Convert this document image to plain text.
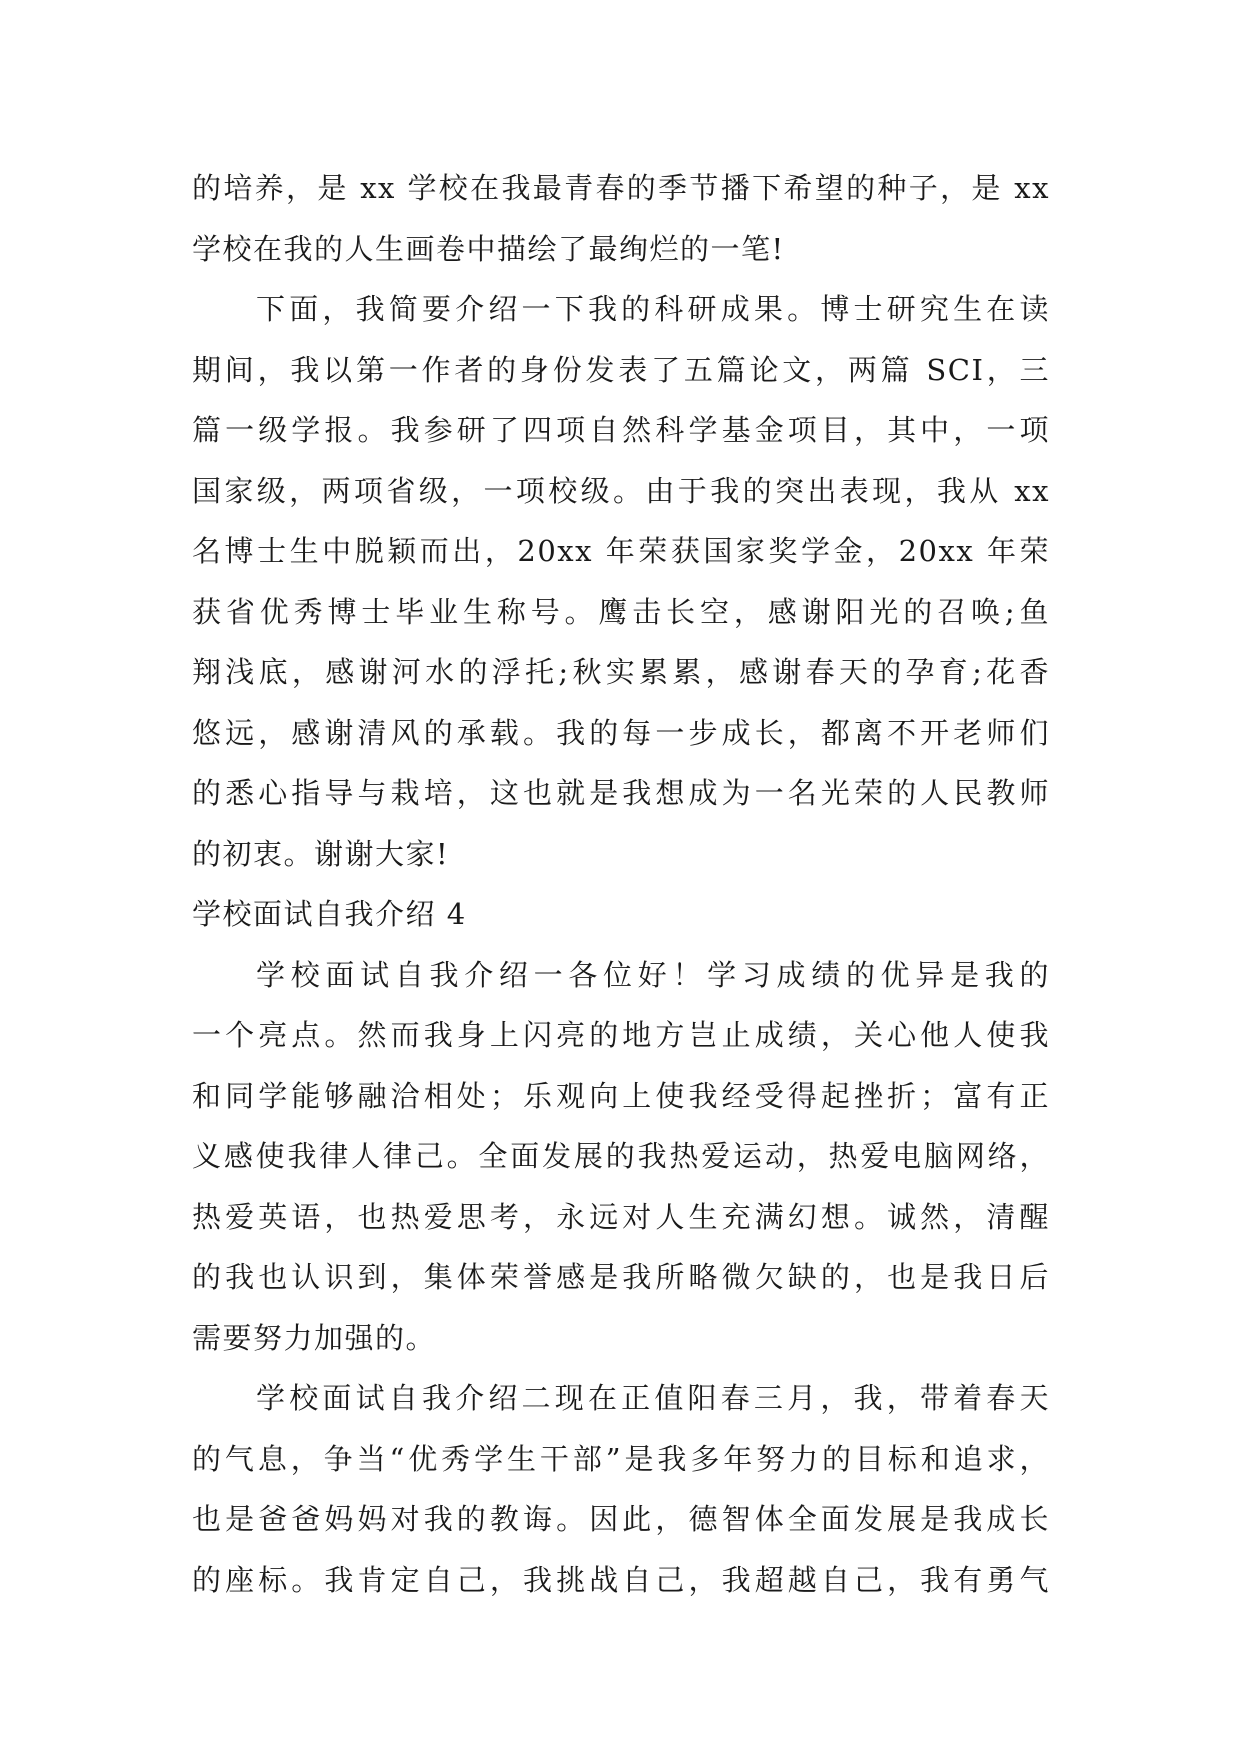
的培养，是 xx 学校在我最青春的季节播下希望的种子，是 xx
学校在我的人生画卷中描绘了最绚烂的一笔!
下面，我简要介绍一下我的科研成果。博士研究生在读
期间，我以第一作者的身份发表了五篇论文，两篇 SCI，三
篇一级学报。我参研了四项自然科学基金项目，其中，一项
国家级，两项省级，一项校级。由于我的突出表现，我从 xx
名博士生中脱颖而出，20xx 年荣获国家奖学金，20xx 年荣
获省优秀博士毕业生称号。鹰击长空，感谢阳光的召唤;鱼
翔浅底，感谢河水的浮托;秋实累累，感谢春天的孕育;花香
悠远，感谢清风的承载。我的每一步成长，都离不开老师们
的悉心指导与栽培，这也就是我想成为一名光荣的人民教师
的初衷。谢谢大家!
学校面试自我介绍 4
学校面试自我介绍一各位好！学习成绩的优异是我的
一个亮点。然而我身上闪亮的地方岂止成绩，关心他人使我
和同学能够融洽相处；乐观向上使我经受得起挫折；富有正
义感使我律人律己。全面发展的我热爱运动，热爱电脑网络，
热爱英语，也热爱思考，永远对人生充满幻想。诚然，清醒
的我也认识到，集体荣誉感是我所略微欠缺的，也是我日后
需要努力加强的。
学校面试自我介绍二现在正值阳春三月，我，带着春天
的气息，争当“优秀学生干部”是我多年努力的目标和追求，
也是爸爸妈妈对我的教诲。因此，德智体全面发展是我成长
的座标。我肯定自己，我挑战自己，我超越自己，我有勇气
